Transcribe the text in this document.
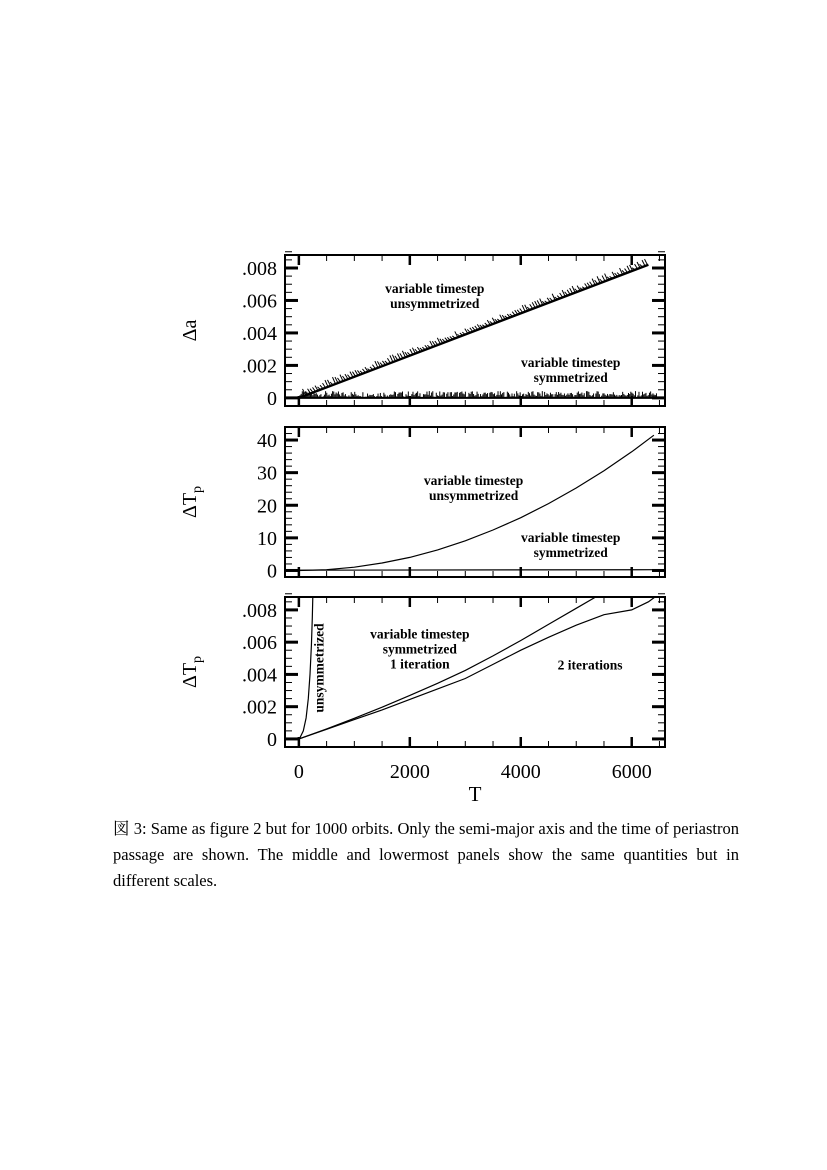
0
.002
.004
.006
.008
Δa
variable timestep unsymmetrized
variable timestep symmetrized
0
10
20
30
40
$\Delta T_p$
variable timestep unsymmetrized
variable timestep symmetrized
0
.002
.004
.006
.008
$\Delta T_p$
variable timestep symmetrized 1 iteration	2 iterations
unsymmetrized
0	2000	4000	6000
T
図 3: Same as figure 2 but for 1000 orbits. Only the semi-major axis and the time of periastron passage are shown. The middle and lowermost panels show the same quantities but in different scales.
